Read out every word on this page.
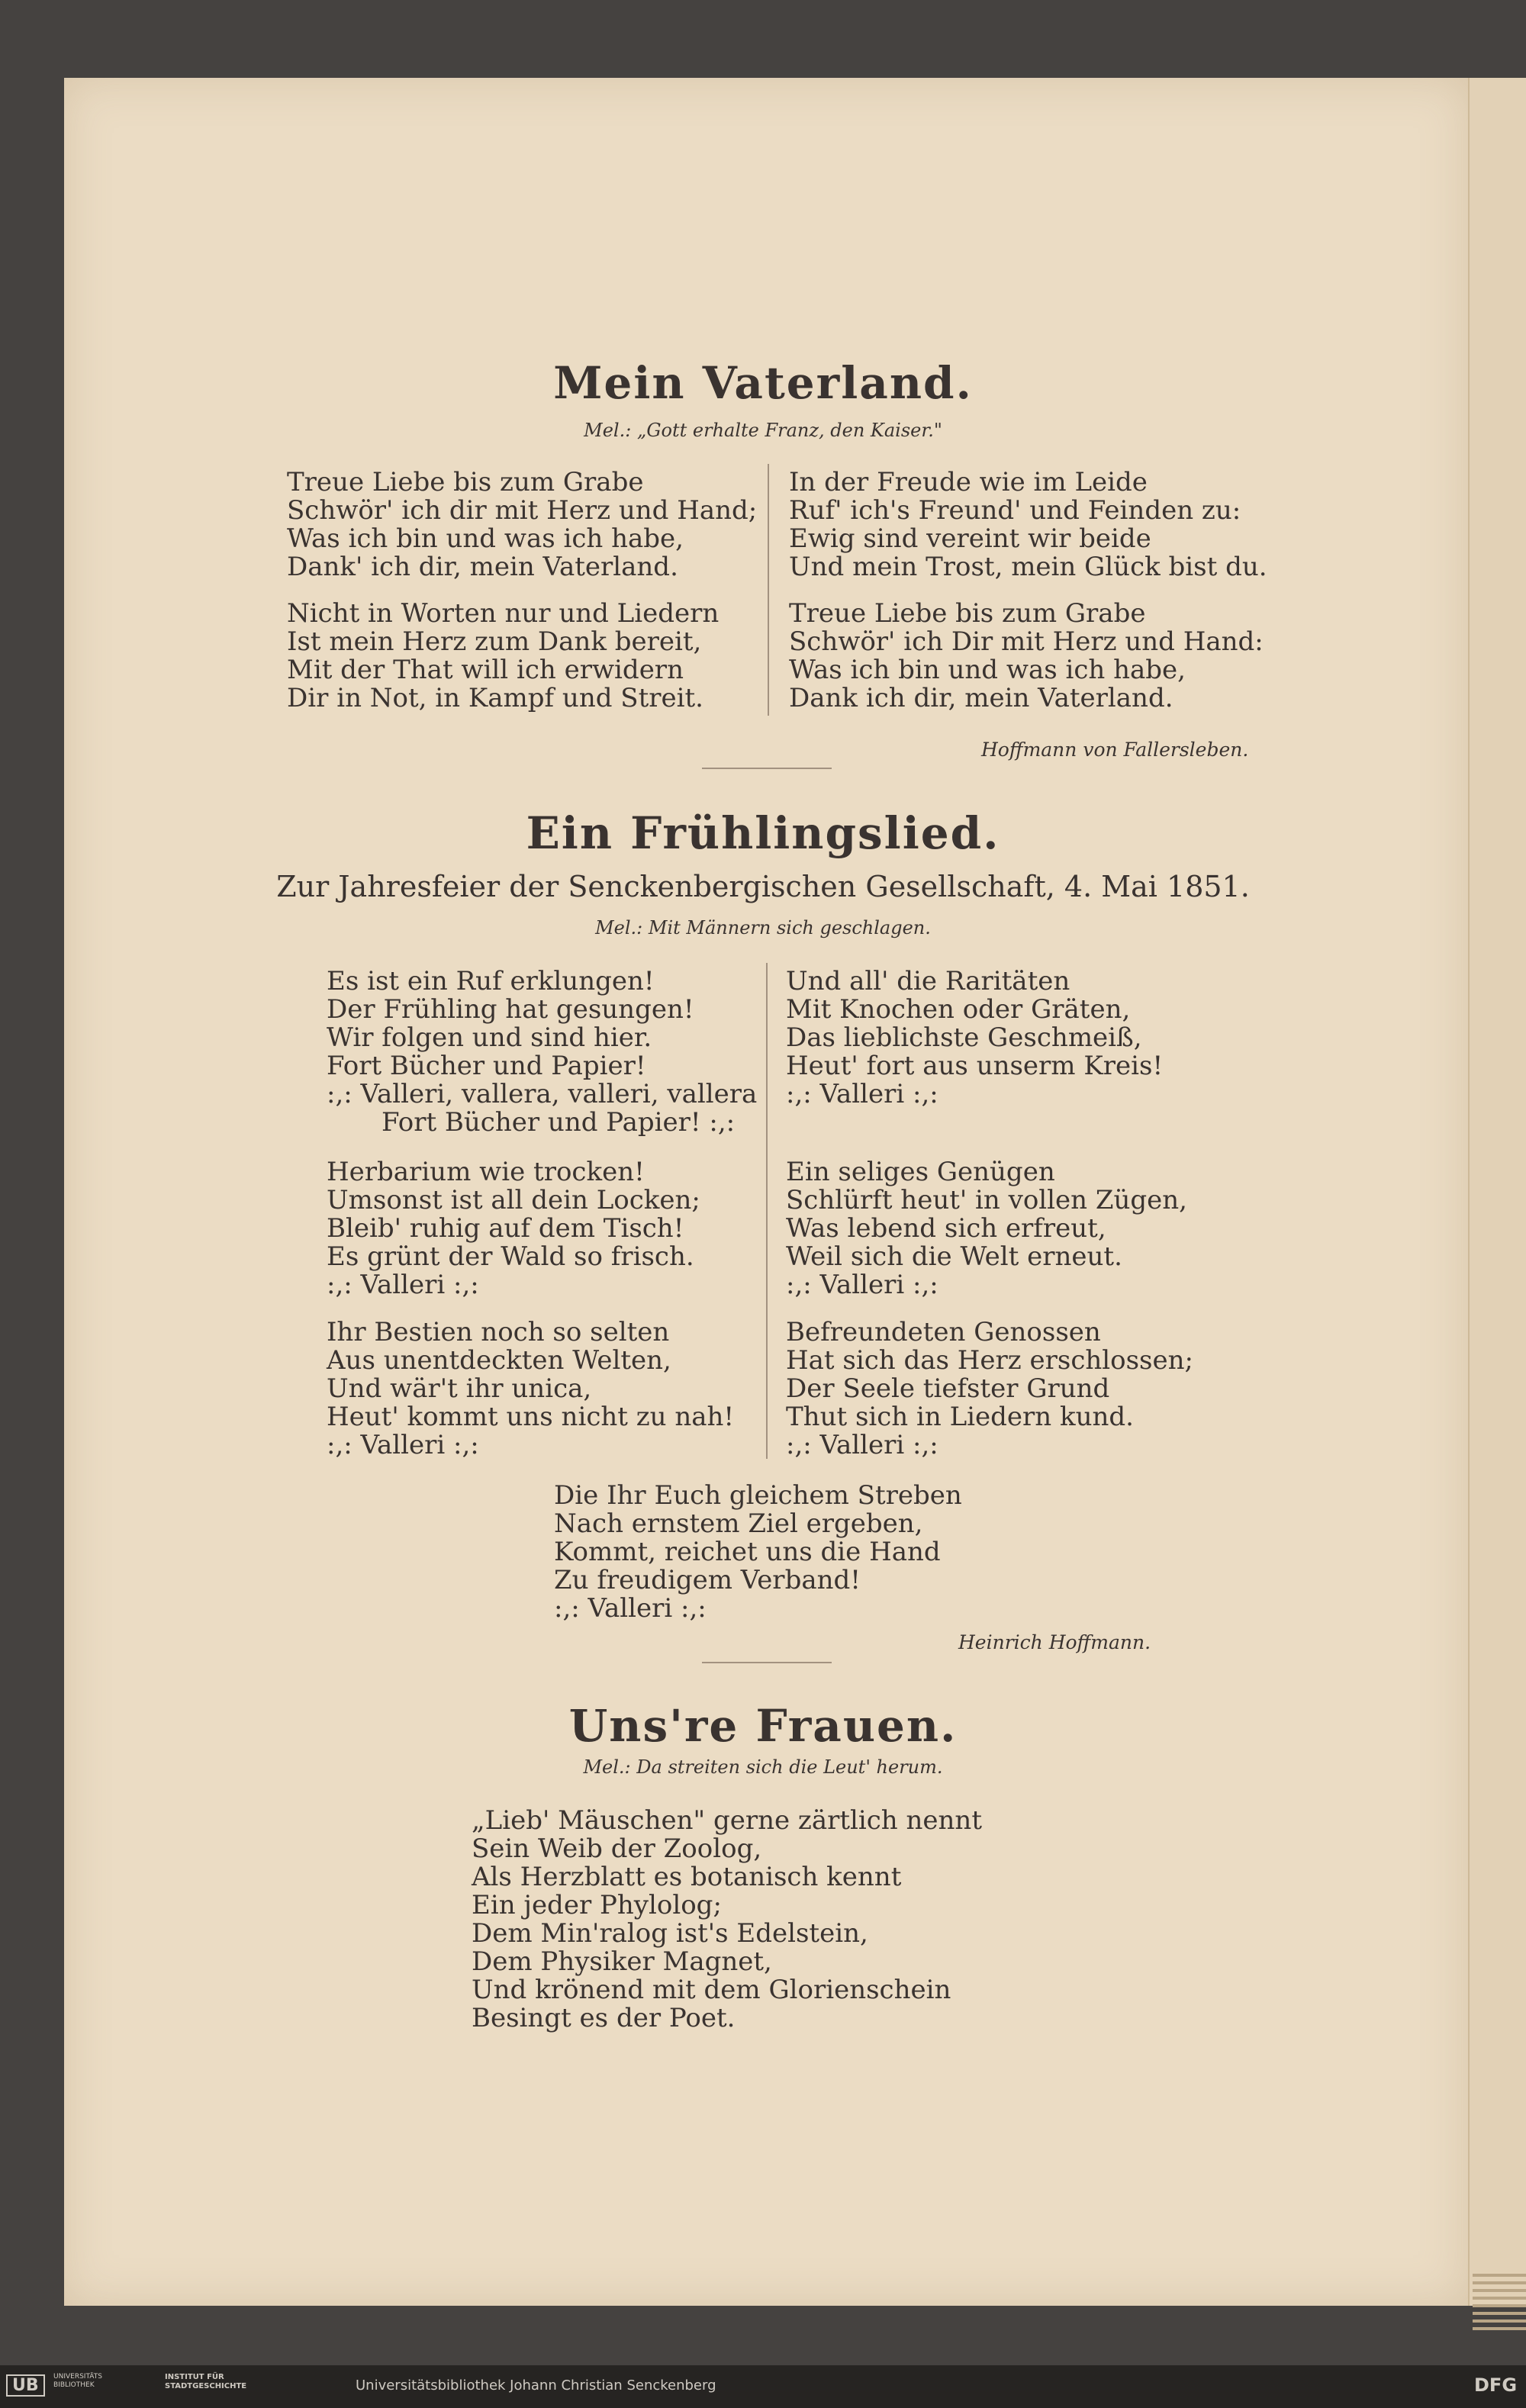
Mein Vaterland.
Mel.: „Gott erhalte Franz, den Kaiser."
Treue Liebe bis zum Grabe
Schwör' ich dir mit Herz und Hand;
Was ich bin und was ich habe,
Dank' ich dir, mein Vaterland.
Nicht in Worten nur und Liedern
Ist mein Herz zum Dank bereit,
Mit der That will ich erwidern
Dir in Not, in Kampf und Streit.
In der Freude wie im Leide
Ruf' ich's Freund' und Feinden zu:
Ewig sind vereint wir beide
Und mein Trost, mein Glück bist du.
Treue Liebe bis zum Grabe
Schwör' ich Dir mit Herz und Hand:
Was ich bin und was ich habe,
Dank ich dir, mein Vaterland.
Hoffmann von Fallersleben.
Ein Frühlingslied.
Zur Jahresfeier der Senckenbergischen Gesellschaft, 4. Mai 1851.
Mel.: Mit Männern sich geschlagen.
Es ist ein Ruf erklungen!
Der Frühling hat gesungen!
Wir folgen und sind hier.
Fort Bücher und Papier!
:,: Valleri, vallera, valleri, vallera
Fort Bücher und Papier! :,:
Herbarium wie trocken!
Umsonst ist all dein Locken;
Bleib' ruhig auf dem Tisch!
Es grünt der Wald so frisch.
:,: Valleri :,:
Ihr Bestien noch so selten
Aus unentdeckten Welten,
Und wär't ihr unica,
Heut' kommt uns nicht zu nah!
:,: Valleri :,:
Und all' die Raritäten
Mit Knochen oder Gräten,
Das lieblichste Geschmeiß,
Heut' fort aus unserm Kreis!
:,: Valleri :,:
Ein seliges Genügen
Schlürft heut' in vollen Zügen,
Was lebend sich erfreut,
Weil sich die Welt erneut.
:,: Valleri :,:
Befreundeten Genossen
Hat sich das Herz erschlossen;
Der Seele tiefster Grund
Thut sich in Liedern kund.
:,: Valleri :,:
Die Ihr Euch gleichem Streben
Nach ernstem Ziel ergeben,
Kommt, reichet uns die Hand
Zu freudigem Verband!
:,: Valleri :,:
Heinrich Hoffmann.
Uns're Frauen.
Mel.: Da streiten sich die Leut' herum.
„Lieb' Mäuschen" gerne zärtlich nennt
Sein Weib der Zoolog,
Als Herzblatt es botanisch kennt
Ein jeder Phylolog;
Dem Min'ralog ist's Edelstein,
Dem Physiker Magnet,
Und krönend mit dem Glorienschein
Besingt es der Poet.
UB	UNIVERSITÄTS BIBLIOTHEK
INSTITUT FÜR STADTGESCHICHTE	Universitätsbibliothek Johann Christian Senckenberg	DFG
